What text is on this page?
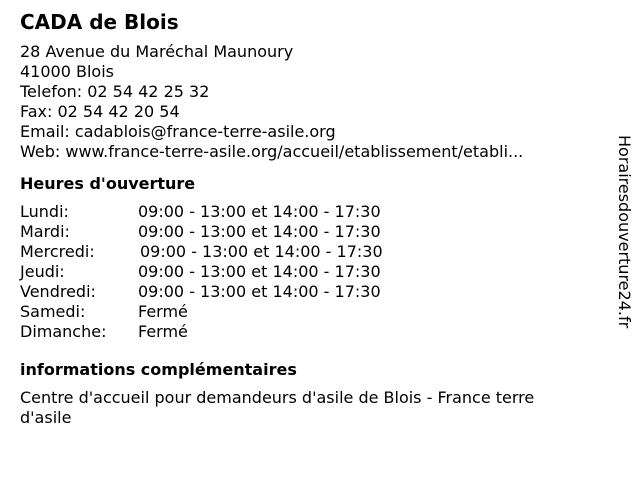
CADA de Blois
28 Avenue du Maréchal Maunoury
41000 Blois
Telefon: 02 54 42 25 32
Fax: 02 54 42 20 54
Email: cadablois@france-terre-asile.org
Web: www.france-terre-asile.org/accueil/etablissement/etabli...
Heures d'ouverture
Lundi:	09:00 - 13:00 et 14:00 - 17:30
Mardi:	09:00 - 13:00 et 14:00 - 17:30
Mercredi:	09:00 - 13:00 et 14:00 - 17:30
Jeudi:	09:00 - 13:00 et 14:00 - 17:30
Vendredi:	09:00 - 13:00 et 14:00 - 17:30
Samedi:	Fermé
Dimanche:	Fermé
informations complémentaires
Centre d'accueil pour demandeurs d'asile de Blois - France terre d'asile
Horairesdouverture24.fr
